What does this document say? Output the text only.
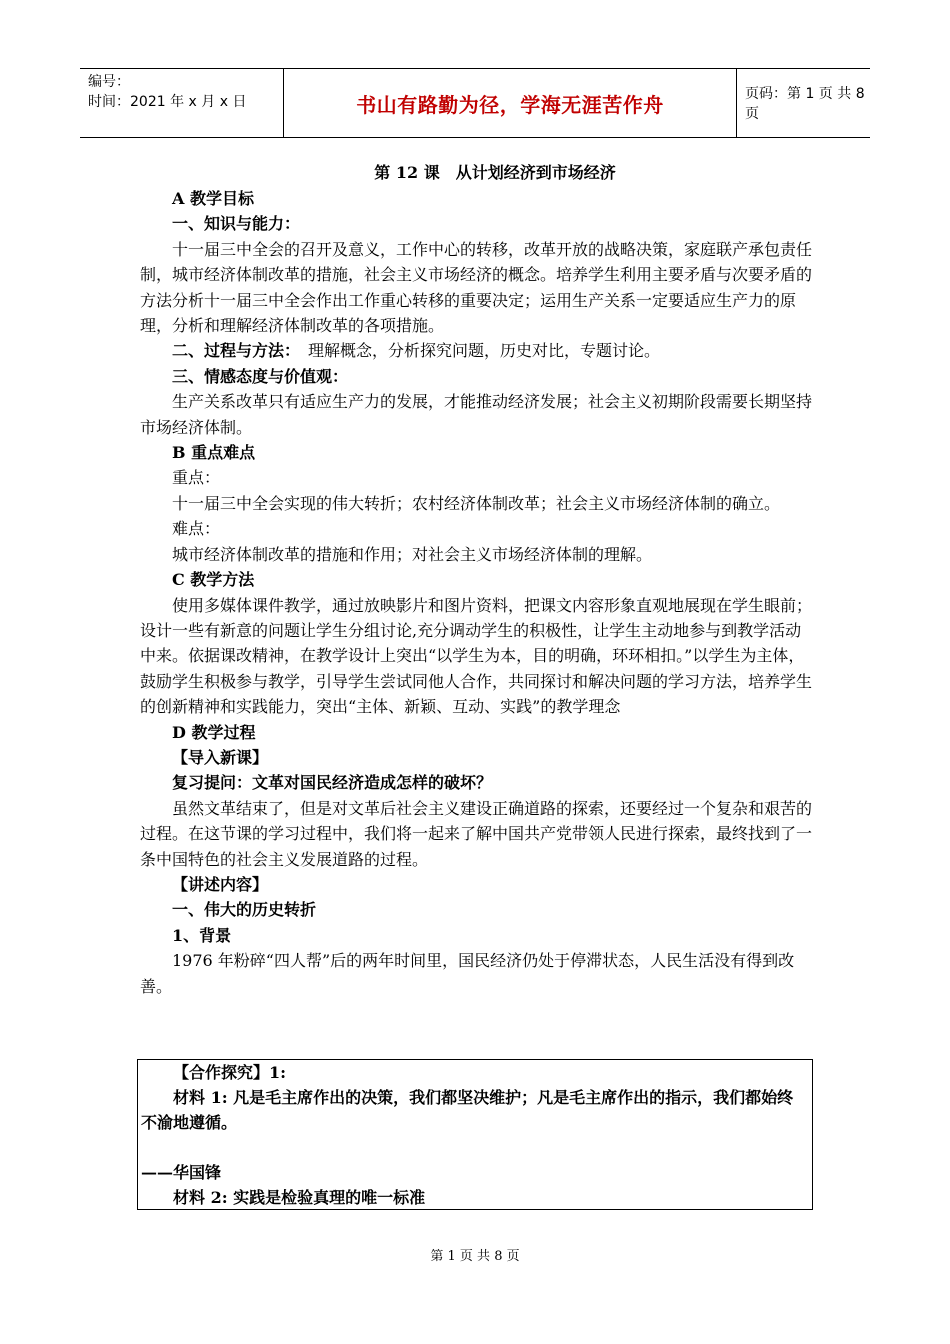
编号：
时间：2021 年 x 月 x 日	书山有路勤为径，学海无涯苦作舟	页码：第 1 页 共 8 页
第 12 课　从计划经济到市场经济

A 教学目标

一、知识与能力：

十一届三中全会的召开及意义，工作中心的转移，改革开放的战略决策，家庭联产承包责任制，城市经济体制改革的措施，社会主义市场经济的概念。培养学生利用主要矛盾与次要矛盾的方法分析十一届三中全会作出工作重心转移的重要决定；运用生产关系一定要适应生产力的原理，分析和理解经济体制改革的各项措施。

二、过程与方法：　理解概念，分析探究问题，历史对比，专题讨论。

三、情感态度与价值观：

生产关系改革只有适应生产力的发展，才能推动经济发展；社会主义初期阶段需要长期坚持市场经济体制。

B 重点难点

重点：

十一届三中全会实现的伟大转折；农村经济体制改革；社会主义市场经济体制的确立。

难点：

城市经济体制改革的措施和作用；对社会主义市场经济体制的理解。

C 教学方法

使用多媒体课件教学，通过放映影片和图片资料，把课文内容形象直观地展现在学生眼前；设计一些有新意的问题让学生分组讨论,充分调动学生的积极性，让学生主动地参与到教学活动中来。依据课改精神，在教学设计上突出“以学生为本，目的明确，环环相扣。”以学生为主体，鼓励学生积极参与教学，引导学生尝试同他人合作，共同探讨和解决问题的学习方法，培养学生的创新精神和实践能力，突出“主体、新颖、互动、实践”的教学理念

D 教学过程

【导入新课】

复习提问：文革对国民经济造成怎样的破坏？

虽然文革结束了，但是对文革后社会主义建设正确道路的探索，还要经过一个复杂和艰苦的过程。在这节课的学习过程中，我们将一起来了解中国共产党带领人民进行探索，最终找到了一条中国特色的社会主义发展道路的过程。

【讲述内容】

一、伟大的历史转折

1、背景

1976 年粉碎“四人帮”后的两年时间里，国民经济仍处于停滞状态，人民生活没有得到改善。

【合作探究】1:

材料 1: 凡是毛主席作出的决策，我们都坚决维护；凡是毛主席作出的指示，我们都始终不渝地遵循。

——华国锋

材料 2: 实践是检验真理的唯一标准

第 1 页 共 8 页
